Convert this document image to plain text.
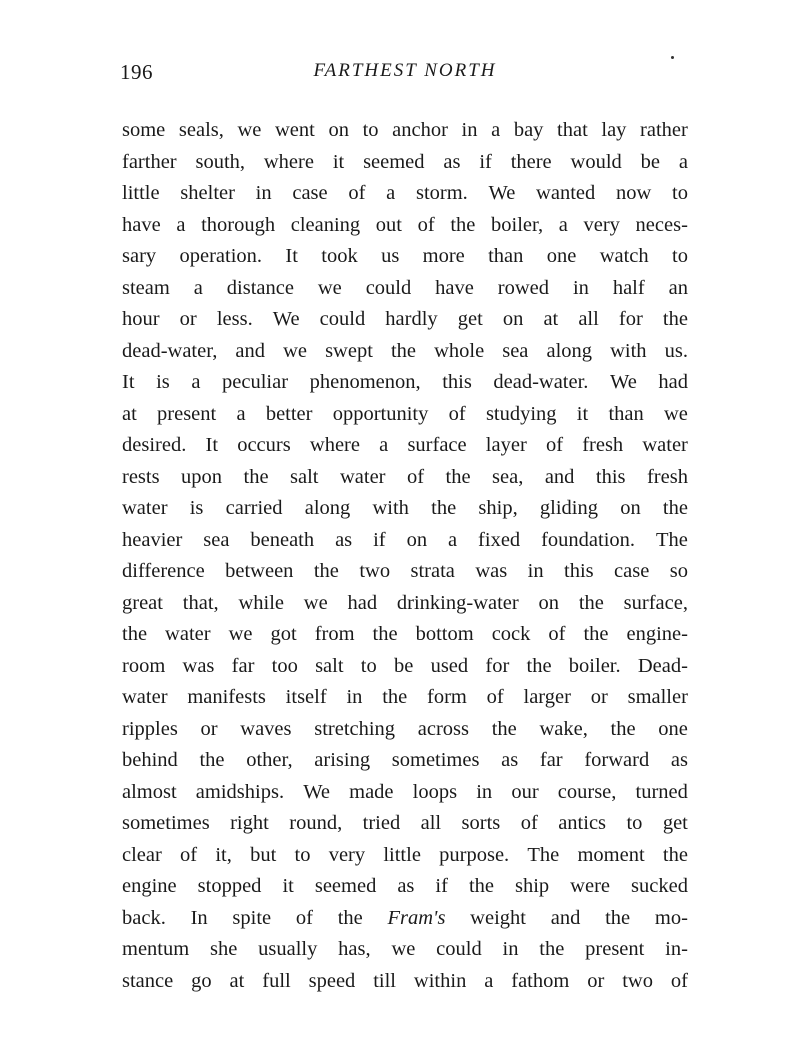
196	FARTHEST NORTH
some seals, we went on to anchor in a bay that lay rather
farther south, where it seemed as if there would be a
little shelter in case of a storm. We wanted now to
have a thorough cleaning out of the boiler, a very neces-
sary operation. It took us more than one watch to
steam a distance we could have rowed in half an
hour or less. We could hardly get on at all for the
dead-water, and we swept the whole sea along with us.
It is a peculiar phenomenon, this dead-water. We had
at present a better opportunity of studying it than we
desired. It occurs where a surface layer of fresh water
rests upon the salt water of the sea, and this fresh
water is carried along with the ship, gliding on the
heavier sea beneath as if on a fixed foundation. The
difference between the two strata was in this case so
great that, while we had drinking-water on the surface,
the water we got from the bottom cock of the engine-
room was far too salt to be used for the boiler. Dead-
water manifests itself in the form of larger or smaller
ripples or waves stretching across the wake, the one
behind the other, arising sometimes as far forward as
almost amidships. We made loops in our course, turned
sometimes right round, tried all sorts of antics to get
clear of it, but to very little purpose. The moment the
engine stopped it seemed as if the ship were sucked
back. In spite of the Fram's weight and the mo-
mentum she usually has, we could in the present in-
stance go at full speed till within a fathom or two of
